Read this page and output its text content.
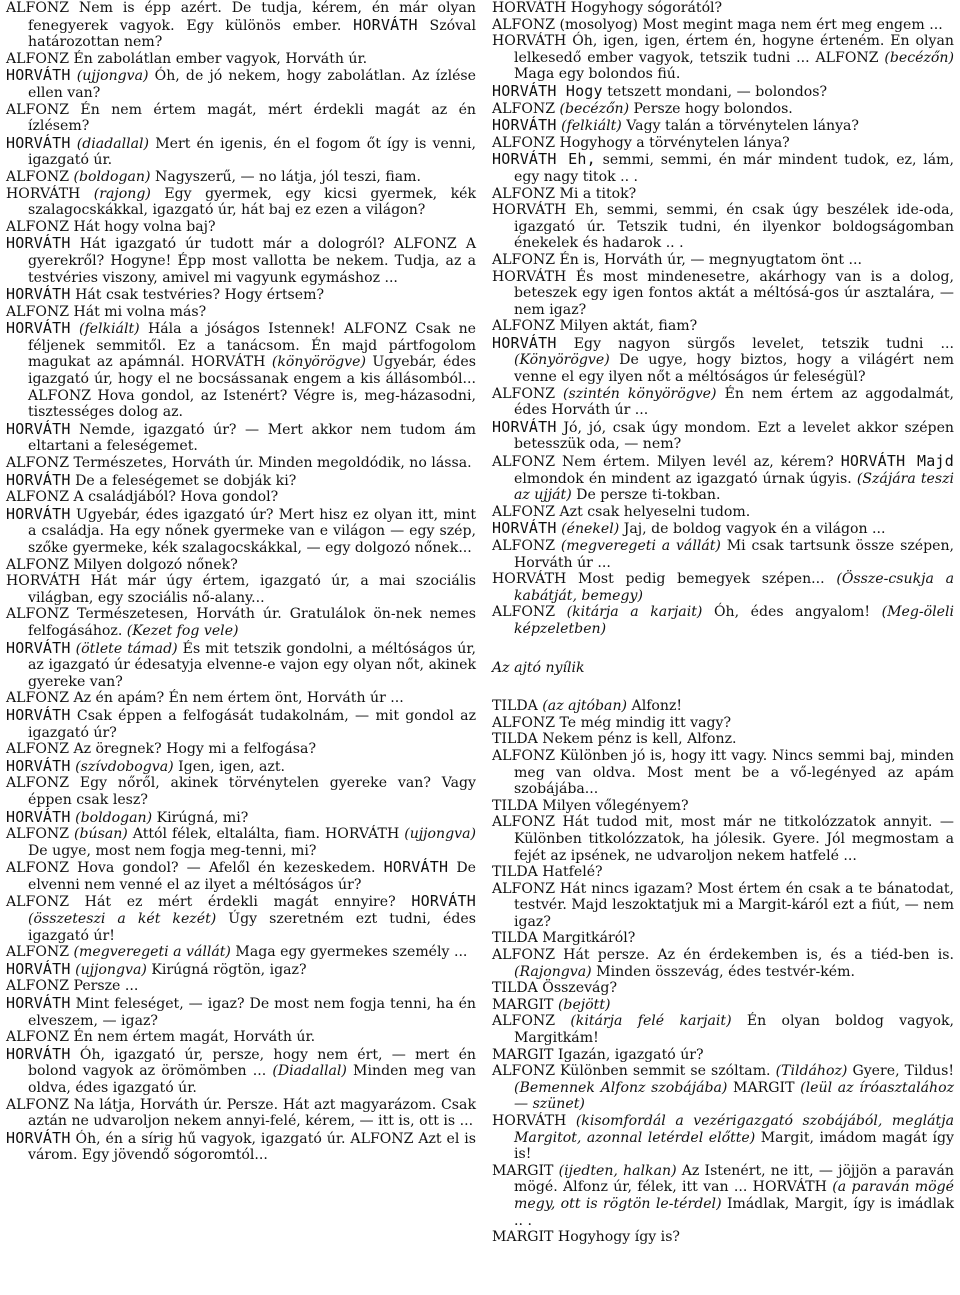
ALFONZ Nem is épp azért. De tudja, kérem, én már olyan fenegyerek vagyok. Egy különös ember. HORVÁTH Szóval határozottan nem?

ALFONZ Én zabolátlan ember vagyok, Horváth úr.

HORVÁTH (ujjongva) Óh, de jó nekem, hogy zabolátlan. Az ízlése ellen van?

ALFONZ Én nem értem magát, mért érdekli magát az én ízlésem?

HORVÁTH (diadallal) Mert én igenis, én el fogom őt így is venni, igazgató úr.

ALFONZ (boldogan) Nagyszerű, — no látja, jól teszi, fiam.

HORVÁTH (rajong) Egy gyermek, egy kicsi gyermek, kék szalagocskákkal, igazgató úr, hát baj ez ezen a világon?

ALFONZ Hát hogy volna baj?

HORVÁTH Hát igazgató úr tudott már a dologról? ALFONZ A gyerekről? Hogyne! Épp most vallotta be nekem. Tudja, az a testvéries viszony, amivel mi vagyunk egymáshoz ...

HORVÁTH Hát csak testvéries? Hogy értsem?

ALFONZ Hát mi volna más?

HORVÁTH (felkiált) Hála a jóságos Istennek! ALFONZ Csak ne féljenek semmitől. Ez a tanácsom. Én majd pártfogolom magukat az apámnál. HORVÁTH (könyörögve) Ugyebár, édes igazgató úr, hogy el ne bocsássanak engem a kis állásomból... ALFONZ Hova gondol, az Istenért? Végre is, meg-házasodni, tisztességes dolog az.

HORVÁTH Nemde, igazgató úr? — Mert akkor nem tudom ám eltartani a feleségemet.

ALFONZ Természetes, Horváth úr. Minden megoldódik, no lássa.

HORVÁTH De a feleségemet se dobják ki?

ALFONZ A családjából? Hova gondol?

HORVÁTH Ugyebár, édes igazgató úr? Mert hisz ez olyan itt, mint a családja. Ha egy nőnek gyermeke van e világon — egy szép, szőke gyermeke, kék szalagocskákkal, — egy dolgozó nőnek...

ALFONZ Milyen dolgozó nőnek?

HORVÁTH Hát már úgy értem, igazgató úr, a mai szociális világban, egy szociális nő-alany...

ALFONZ Természetesen, Horváth úr. Gratulálok ön-nek nemes felfogásához. (Kezet fog vele)

HORVÁTH (ötlete támad) És mit tetszik gondolni, a méltóságos úr, az igazgató úr édesatyja elvenne-e vajon egy olyan nőt, akinek gyereke van?

ALFONZ Az én apám? Én nem értem önt, Horváth úr ...

HORVÁTH Csak éppen a felfogását tudakolnám, — mit gondol az igazgató úr?

ALFONZ Az öregnek? Hogy mi a felfogása?

HORVÁTH (szívdobogva) Igen, igen, azt.

ALFONZ Egy nőről, akinek törvénytelen gyereke van? Vagy éppen csak lesz?

HORVÁTH (boldogan) Kirúgná, mi?

ALFONZ (búsan) Attól félek, eltalálta, fiam. HORVÁTH (ujjongva) De ugye, most nem fogja meg-tenni, mi?

ALFONZ Hova gondol? — Afelől én kezeskedem. HORVÁTH De elvenni nem venné el az ilyet a méltóságos úr?

ALFONZ Hát ez mért érdekli magát ennyire? HORVÁTH (összeteszi a két kezét) Úgy szeretném ezt tudni, édes igazgató úr!

ALFONZ (megveregeti a vállát) Maga egy gyermekes személy ...

HORVÁTH (ujjongva) Kirúgná rögtön, igaz?

ALFONZ Persze ...

HORVÁTH Mint feleséget, — igaz? De most nem fogja tenni, ha én elveszem, — igaz?

ALFONZ Én nem értem magát, Horváth úr.

HORVÁTH Óh, igazgató úr, persze, hogy nem ért, — mert én bolond vagyok az örömömben ... (Diadallal) Minden meg van oldva, édes igazgató úr.

ALFONZ Na látja, Horváth úr. Persze. Hát azt magyarázom. Csak aztán ne udvaroljon nekem annyi-felé, kérem, — itt is, ott is ...

HORVÁTH Óh, én a sírig hű vagyok, igazgató úr. ALFONZ Azt el is várom. Egy jövendő sógoromtól...

HORVÁTH Hogyhogy sógorától?

ALFONZ (mosolyog) Most megint maga nem ért meg engem ...

HORVÁTH Óh, igen, igen, értem én, hogyne érteném. En olyan lelkesedő ember vagyok, tetszik tudni ... ALFONZ (becézőn) Maga egy bolondos fiú.

HORVÁTH Hogy tetszett mondani, — bolondos?

ALFONZ (becézőn) Persze hogy bolondos.

HORVÁTH (felkiált) Vagy talán a törvénytelen lánya?

ALFONZ Hogyhogy a törvénytelen lánya?

HORVÁTH Eh, semmi, semmi, én már mindent tudok, ez, lám, egy nagy titok .. .

ALFONZ Mi a titok?

HORVÁTH Eh, semmi, semmi, én csak úgy beszélek ide-oda, igazgató úr. Tetszik tudni, én ilyenkor boldogságomban énekelek és hadarok .. .

ALFONZ Én is, Horváth úr, — megnyugtatom önt ...

HORVÁTH És most mindenesetre, akárhogy van is a dolog, beteszek egy igen fontos aktát a méltósá-gos úr asztalára, — nem igaz?

ALFONZ Milyen aktát, fiam?

HORVÁTH Egy nagyon sürgős levelet, tetszik tudni ... (Könyörögve) De ugye, hogy biztos, hogy a világért nem venne el egy ilyen nőt a méltóságos úr feleségül?

ALFONZ (szintén könyörögve) Én nem értem az aggodalmát, édes Horváth úr ...

HORVÁTH Jó, jó, csak úgy mondom. Ezt a levelet akkor szépen betesszük oda, — nem?

ALFONZ Nem értem. Milyen levél az, kérem? HORVÁTH Majd elmondok én mindent az igazgató úrnak úgyis. (Szájára teszi az ujját) De persze ti-tokban.

ALFONZ Azt csak helyeselni tudom.

HORVÁTH (énekel) Jaj, de boldog vagyok én a világon ...

ALFONZ (megveregeti a vállát) Mi csak tartsunk össze szépen, Horváth úr ...

HORVÁTH Most pedig bemegyek szépen... (Össze-csukja a kabátját, bemegy)

ALFONZ (kitárja a karjait) Óh, édes angyalom! (Meg-öleli képzeletben)

Az ajtó nyílik

TILDA (az ajtóban) Alfonz!

ALFONZ Te még mindig itt vagy?

TILDA Nekem pénz is kell, Alfonz.

ALFONZ Különben jó is, hogy itt vagy. Nincs semmi baj, minden meg van oldva. Most ment be a vő-legényed az apám szobájába...

TILDA Milyen vőlegényem?

ALFONZ Hát tudod mit, most már ne titkolózzatok annyit. — Különben titkolózzatok, ha jólesik. Gyere. Jól megmostam a fejét az ipsének, ne udvaroljon nekem hatfelé ...

TILDA Hatfelé?

ALFONZ Hát nincs igazam? Most értem én csak a te bánatodat, testvér. Majd leszoktatjuk mi a Margit-káról ezt a fiút, — nem igaz?

TILDA Margitkáról?

ALFONZ Hát persze. Az én érdekemben is, és a tiéd-ben is. (Rajongva) Minden összevág, édes testvér-kém.

TILDA Összevág?

MARGIT (bejött)

ALFONZ (kitárja felé karjait) Én olyan boldog vagyok, Margitkám!

MARGIT Igazán, igazgató úr?

ALFONZ Különben semmit se szóltam. (Tildához) Gyere, Tildus! (Bemennek Alfonz szobájába) MARGIT (leül az íróasztalához — szünet)

HORVÁTH (kisomfordál a vezérigazgató szobájából, meglátja Margitot, azonnal letérdel előtte) Margit, imádom magát így is!

MARGIT (ijedten, halkan) Az Istenért, ne itt, — jöjjön a paraván mögé. Alfonz úr, félek, itt van ... HORVÁTH (a paraván mögé megy, ott is rögtön le-térdel) Imádlak, Margit, így is imádlak .. .

MARGIT Hogyhogy így is?
